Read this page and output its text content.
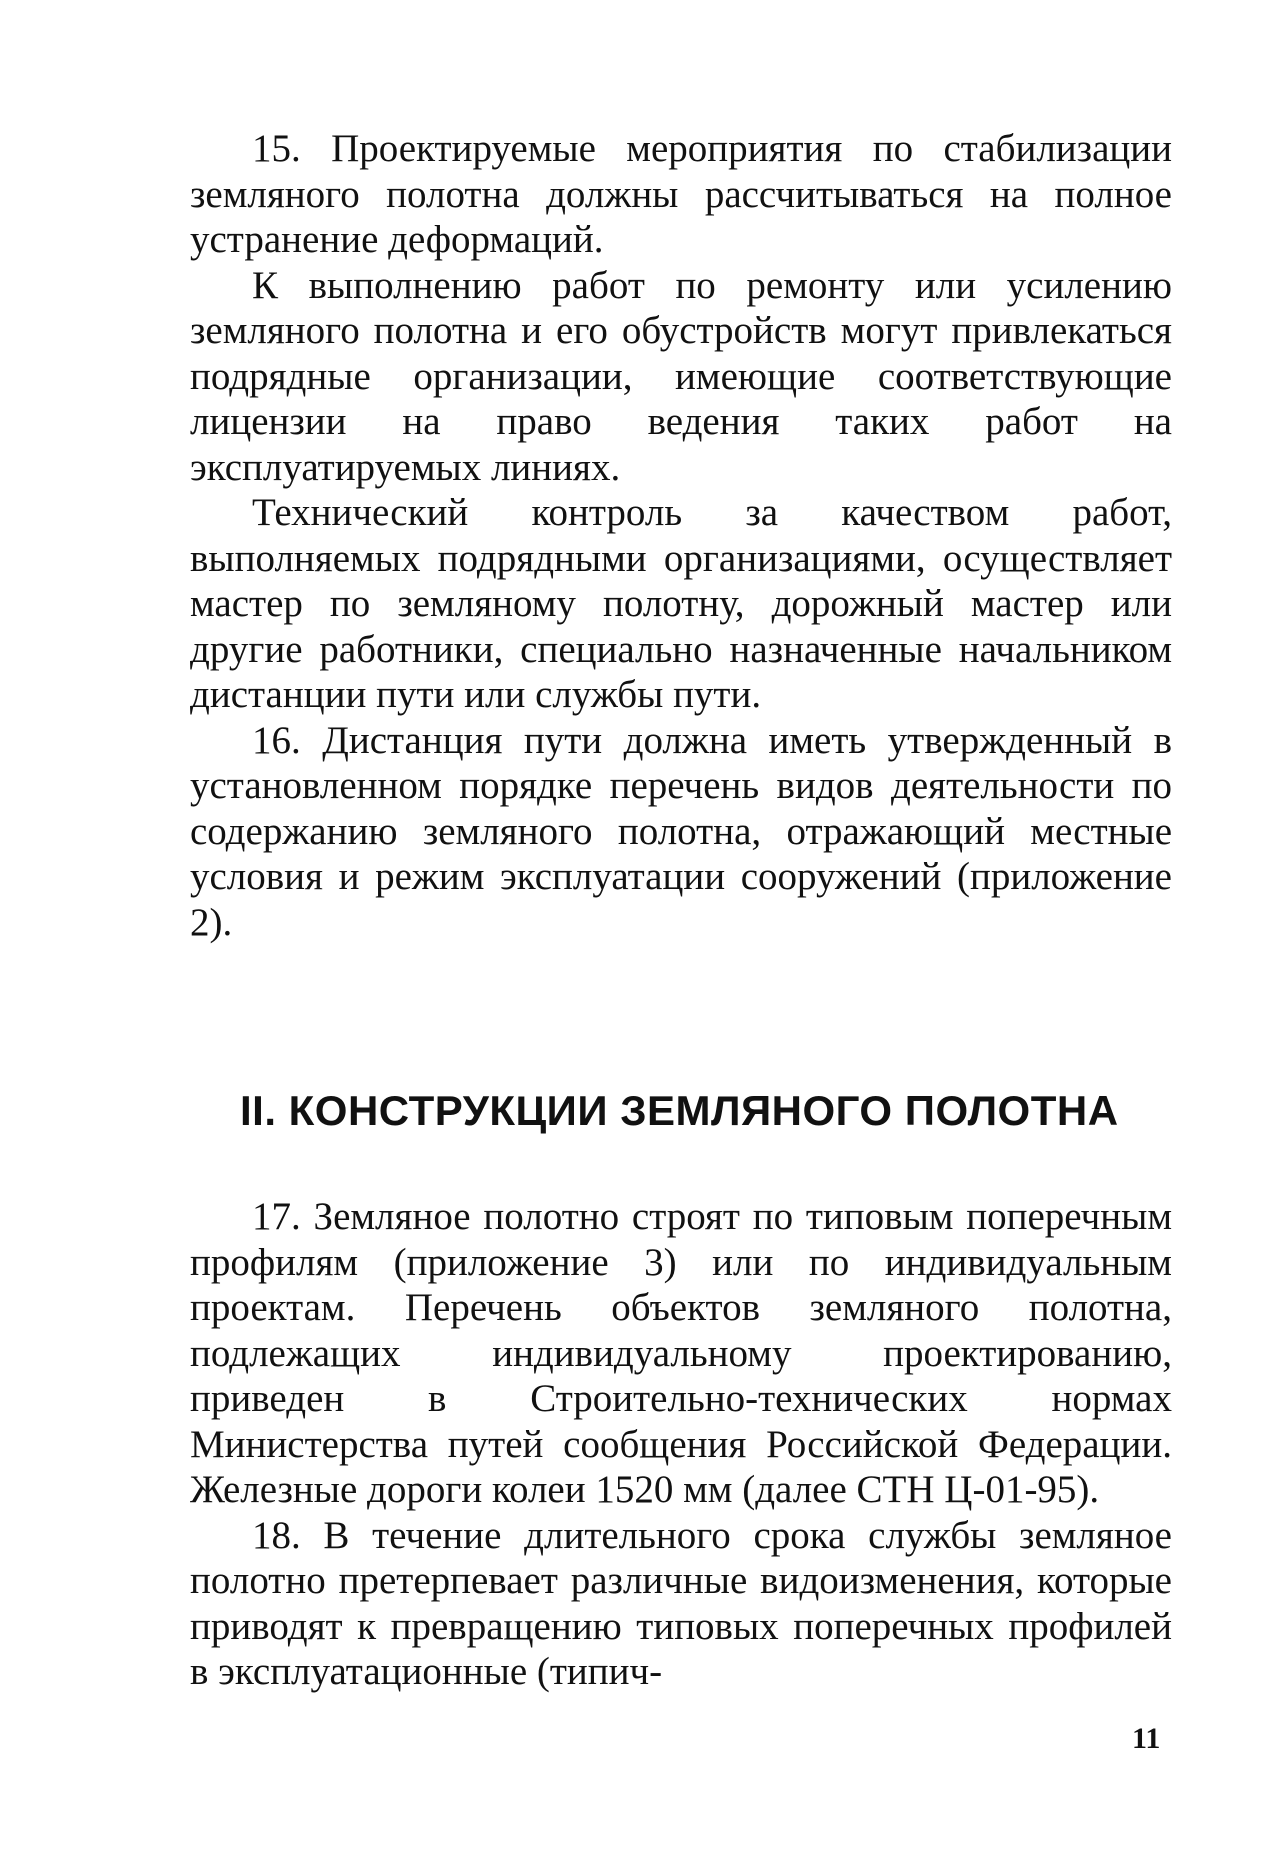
15. Проектируемые мероприятия по стабилизации земляного полотна должны рассчитываться на полное устранение деформаций.

К выполнению работ по ремонту или усилению земляного полотна и его обустройств могут привлекаться подрядные организации, имеющие соответствующие лицензии на право ведения таких работ на эксплуатируемых линиях.

Технический контроль за качеством работ, выполняемых подрядными организациями, осуществляет мастер по земляному полотну, дорожный мастер или другие работники, специально назначенные начальником дистанции пути или службы пути.

16. Дистанция пути должна иметь утвержденный в установленном порядке перечень видов деятельности по содержанию земляного полотна, отражающий местные условия и режим эксплуатации сооружений (приложение 2).

II. КОНСТРУКЦИИ ЗЕМЛЯНОГО ПОЛОТНА

17. Земляное полотно строят по типовым поперечным профилям (приложение 3) или по индивидуальным проектам. Перечень объектов земляного полотна, подлежащих индивидуальному проектированию, приведен в Строительно-технических нормах Министерства путей сообщения Российской Федерации. Железные дороги колеи 1520 мм (далее СТН Ц-01-95).

18. В течение длительного срока службы земляное полотно претерпевает различные видоизменения, которые приводят к превращению типовых поперечных профилей в эксплуатационные (типич-

11
